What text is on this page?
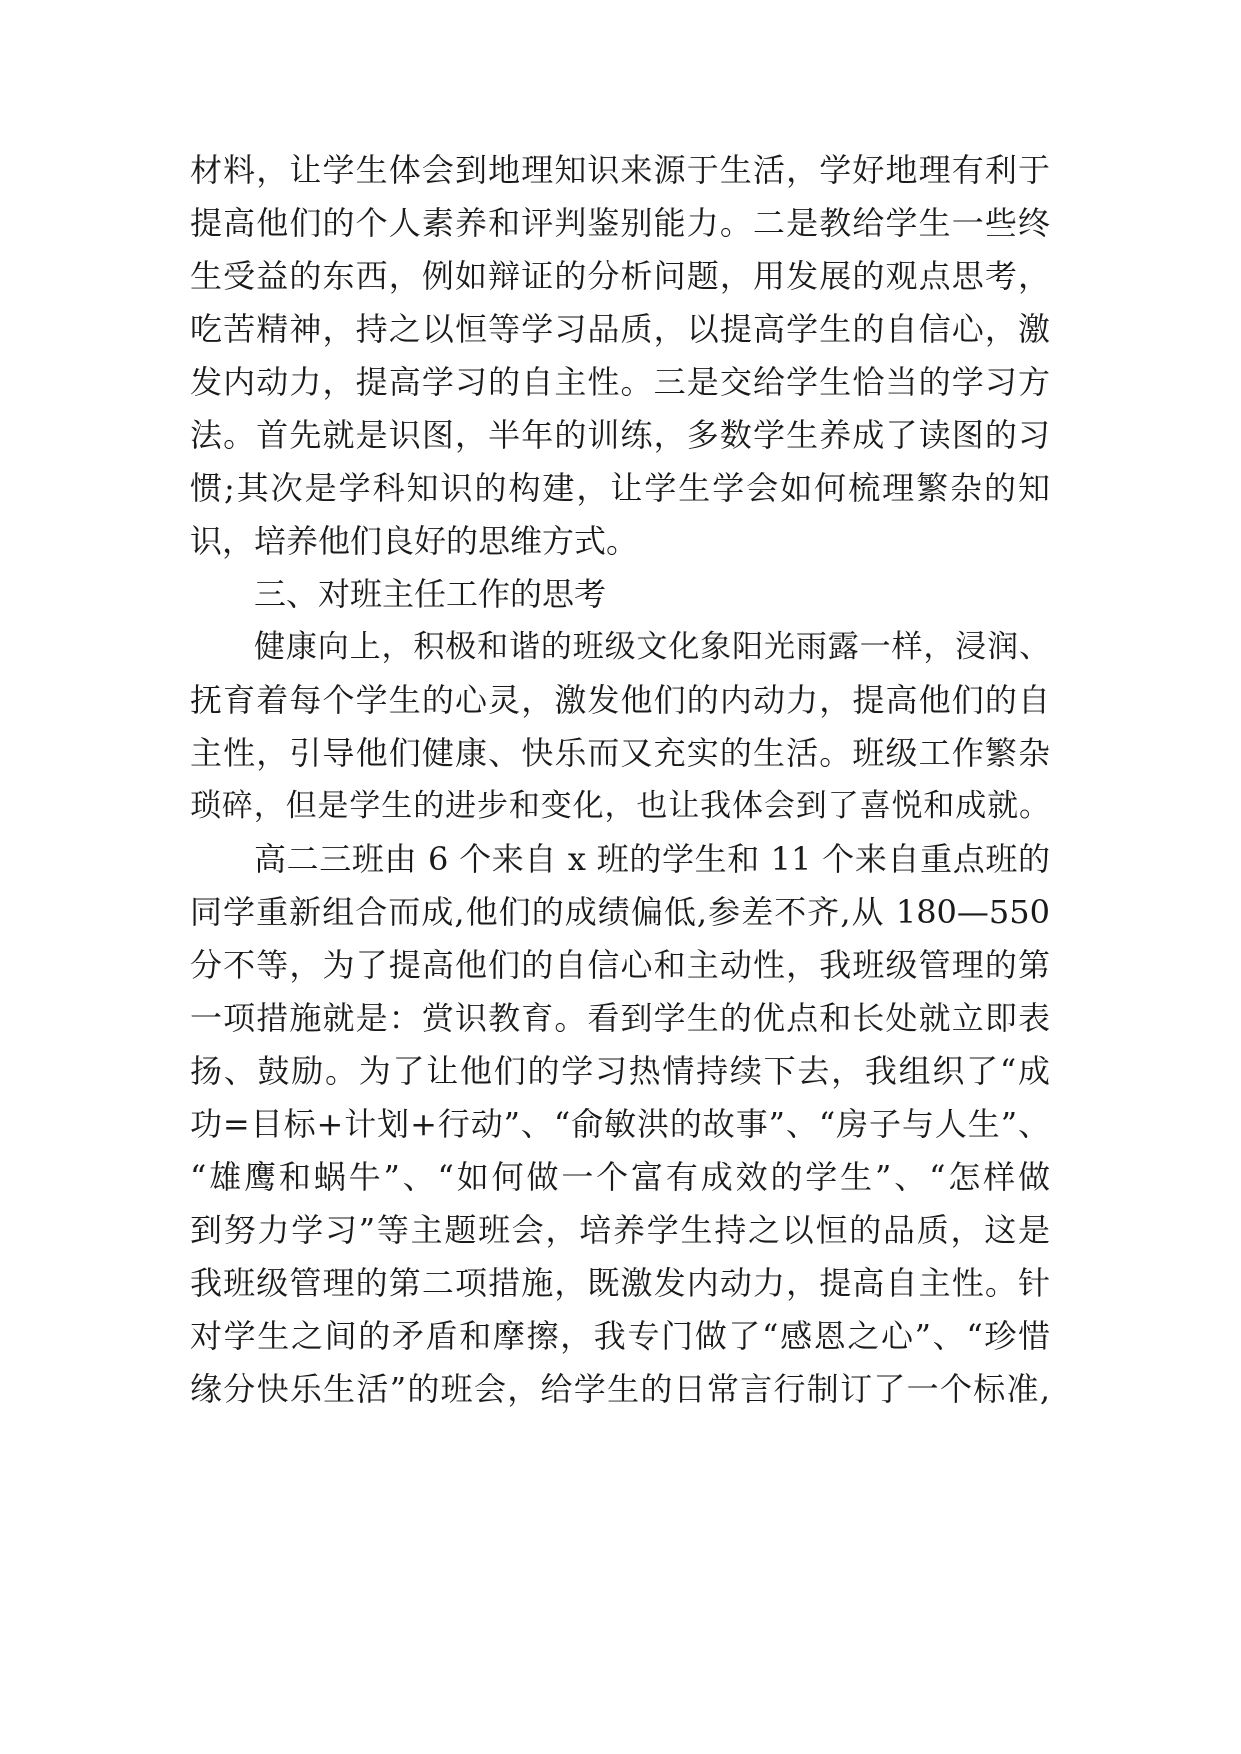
材料，让学生体会到地理知识来源于生活，学好地理有利于
提高他们的个人素养和评判鉴别能力。二是教给学生一些终
生受益的东西，例如辩证的分析问题，用发展的观点思考，
吃苦精神，持之以恒等学习品质，以提高学生的自信心，激
发内动力，提高学习的自主性。三是交给学生恰当的学习方
法。首先就是识图，半年的训练，多数学生养成了读图的习
惯;其次是学科知识的构建，让学生学会如何梳理繁杂的知
识，培养他们良好的思维方式。
三、对班主任工作的思考
健康向上，积极和谐的班级文化象阳光雨露一样，浸润、
抚育着每个学生的心灵，激发他们的内动力，提高他们的自
主性，引导他们健康、快乐而又充实的生活。班级工作繁杂
琐碎，但是学生的进步和变化，也让我体会到了喜悦和成就。
高二三班由 6 个来自 x 班的学生和 11 个来自重点班的
同学重新组合而成,他们的成绩偏低,参差不齐,从 180—550
分不等，为了提高他们的自信心和主动性，我班级管理的第
一项措施就是：赏识教育。看到学生的优点和长处就立即表
扬、鼓励。为了让他们的学习热情持续下去，我组织了“成
功=目标+计划+行动”、“俞敏洪的故事”、“房子与人生”、
“雄鹰和蜗牛”、“如何做一个富有成效的学生”、“怎样做
到努力学习”等主题班会，培养学生持之以恒的品质，这是
我班级管理的第二项措施，既激发内动力，提高自主性。针
对学生之间的矛盾和摩擦，我专门做了“感恩之心”、“珍惜
缘分快乐生活”的班会，给学生的日常言行制订了一个标准,
